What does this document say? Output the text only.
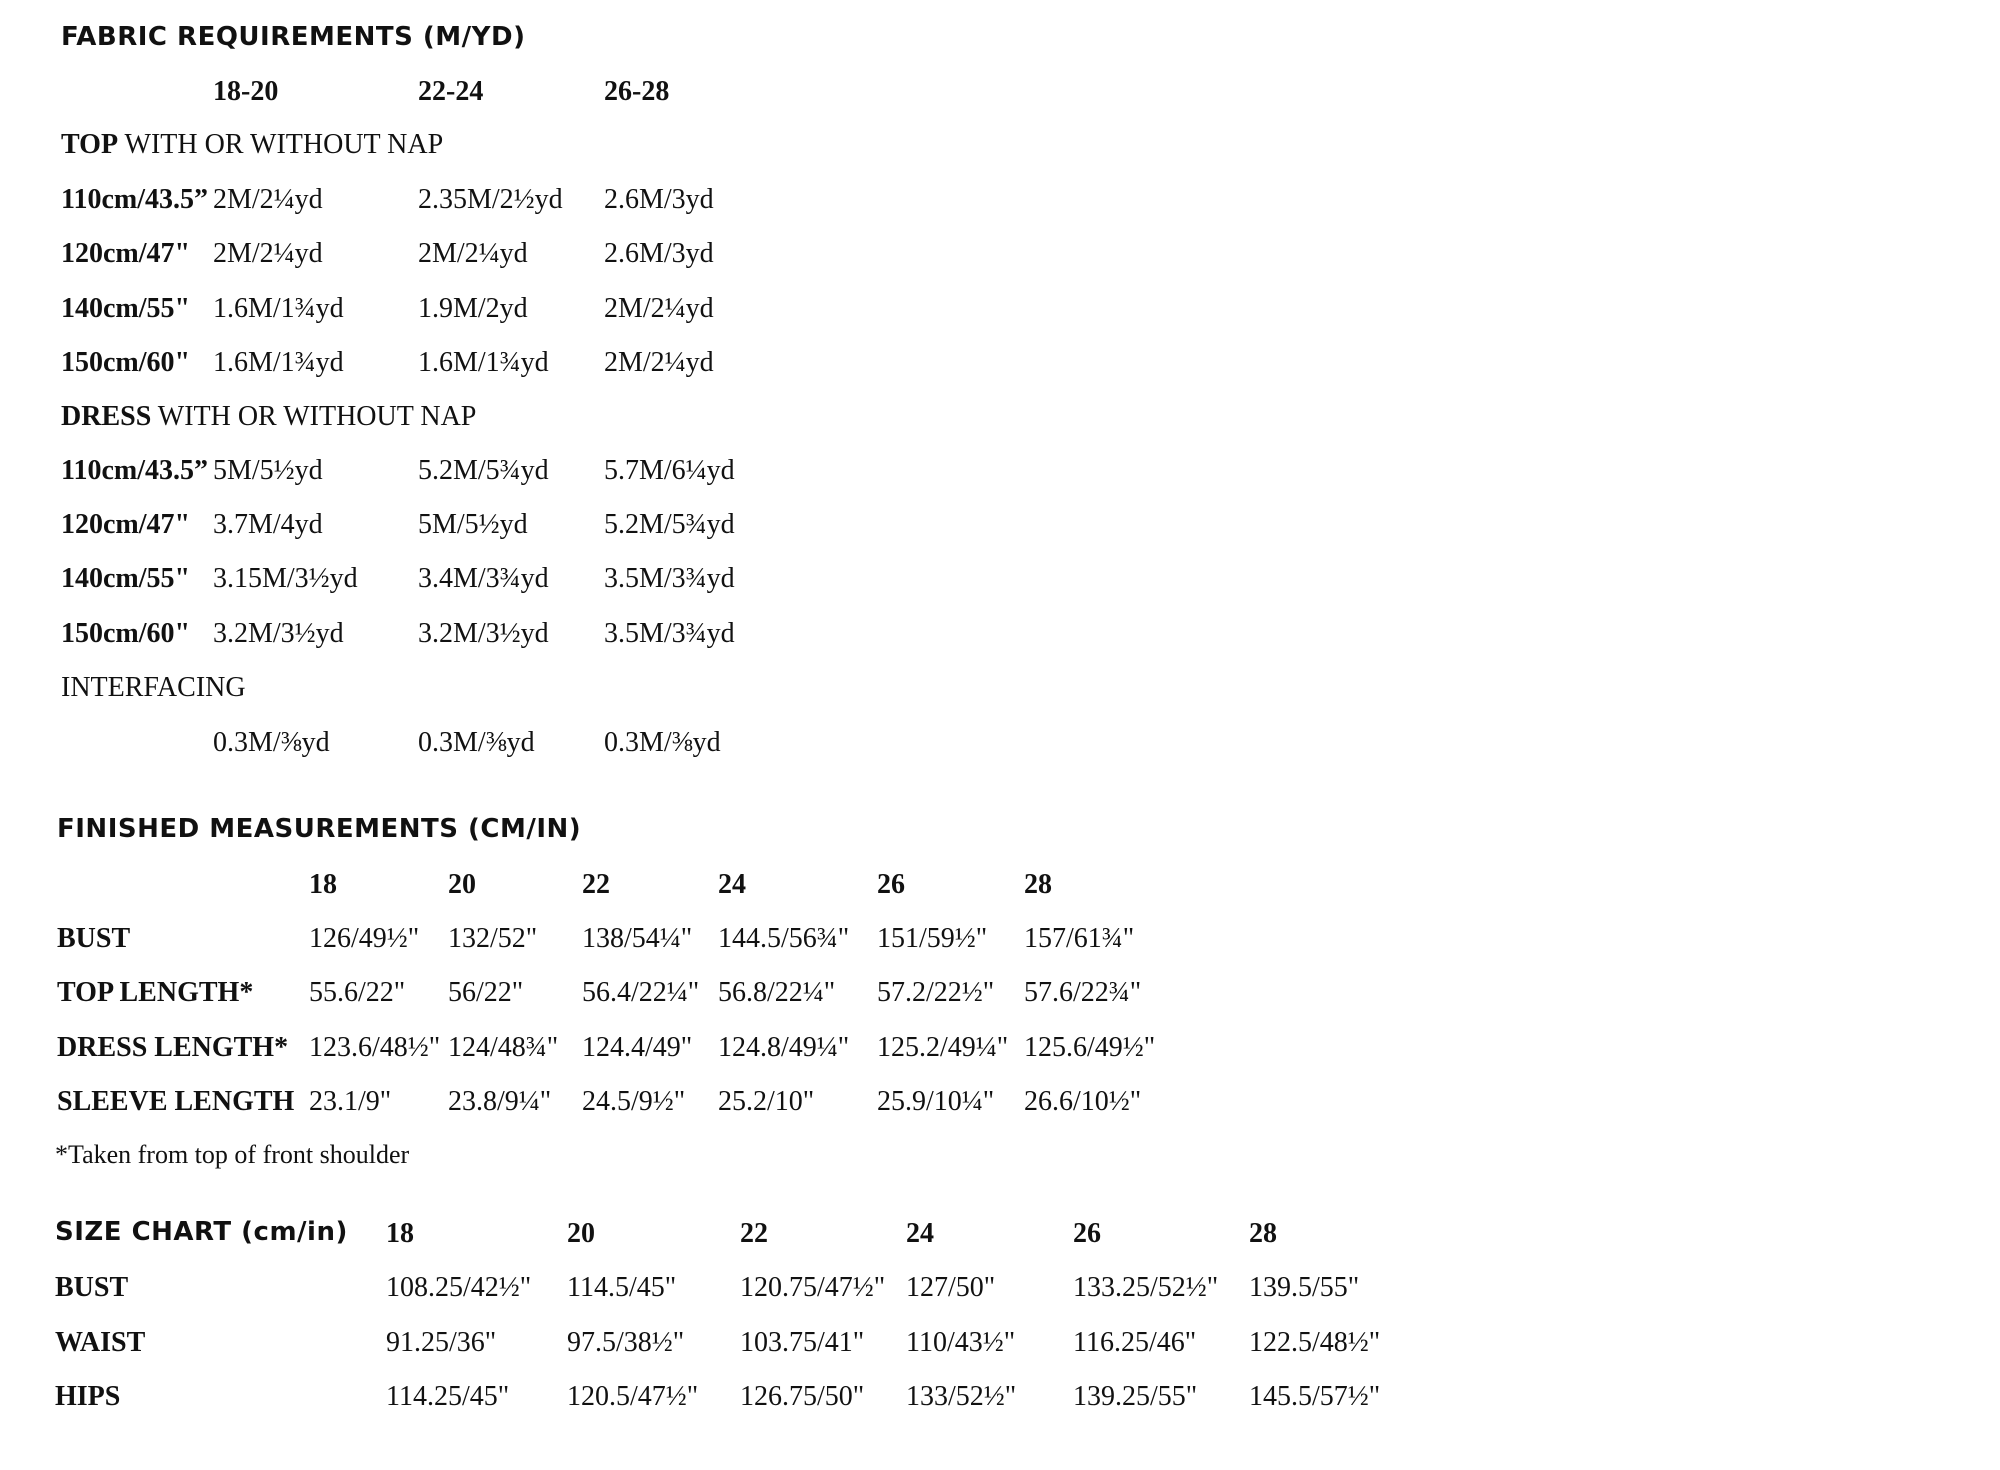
FABRIC REQUIREMENTS (M/YD)
18-20	22-24	26-28
TOP WITH OR WITHOUT NAP
110cm/43.5” 2M/2¼yd	2.35M/2½yd 2.6M/3yd
120cm/47" 2M/2¼yd	2M/2¼yd	2.6M/3yd
140cm/55" 1.6M/1¾yd	1.9M/2yd	2M/2¼yd
150cm/60" 1.6M/1¾yd	1.6M/1¾yd 2M/2¼yd
DRESS WITH OR WITHOUT NAP
110cm/43.5” 5M/5½yd	5.2M/5¾yd 5.7M/6¼yd
120cm/47" 3.7M/4yd	5M/5½yd	5.2M/5¾yd
140cm/55" 3.15M/3½yd 3.4M/3¾yd 3.5M/3¾yd
150cm/60" 3.2M/3½yd	3.2M/3½yd 3.5M/3¾yd
INTERFACING
0.3M/⅜yd	0.3M/⅜yd 0.3M/⅜yd
FINISHED MEASUREMENTS (CM/IN)
18	20	22	24	26	28
BUST	126/49½" 132/52" 138/54¼" 144.5/56¾" 151/59½" 157/61¾"
TOP LENGTH* 55.6/22" 56/22" 56.4/22¼" 56.8/22¼" 57.2/22½" 57.6/22¾"
DRESS LENGTH* 123.6/48½" 124/48¾" 124.4/49" 124.8/49¼" 125.2/49¼" 125.6/49½"
SLEEVE LENGTH 23.1/9" 23.8/9¼" 24.5/9½" 25.2/10" 25.9/10¼" 26.6/10½"
*Taken from top of front shoulder
SIZE CHART (cm/in) 18	20	22	24	26	28
BUST	108.25/42½" 114.5/45" 120.75/47½" 127/50"	133.25/52½" 139.5/55"
WAIST	91.25/36"	97.5/38½" 103.75/41" 110/43½" 116.25/46" 122.5/48½"
HIPS	114.25/45" 120.5/47½" 126.75/50" 133/52½" 139.25/55" 145.5/57½"
